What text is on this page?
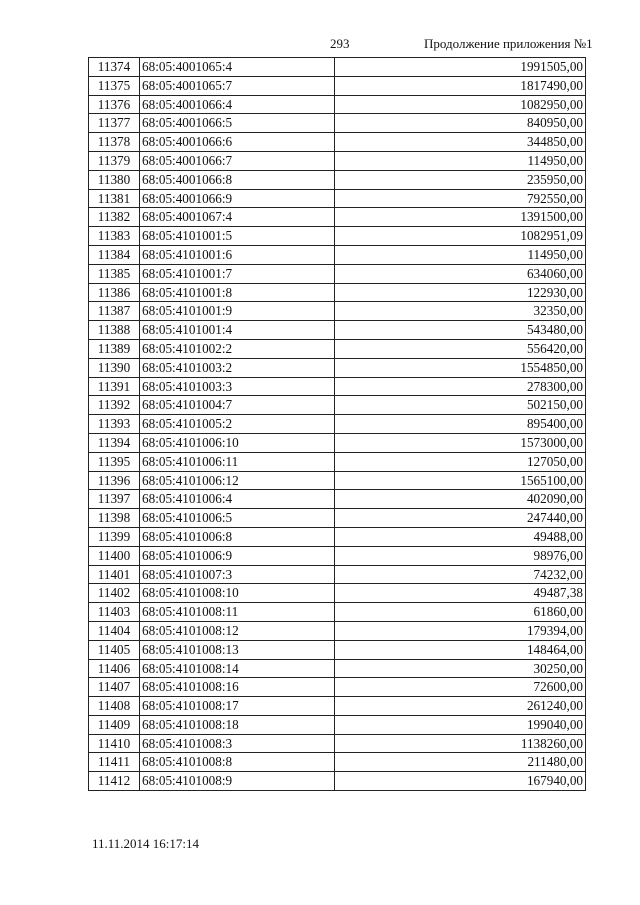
293	Продолжение приложения №1
11374	68:05:4001065:4	1991505,00
11375	68:05:4001065:7	1817490,00
11376	68:05:4001066:4	1082950,00
11377	68:05:4001066:5	840950,00
11378	68:05:4001066:6	344850,00
11379	68:05:4001066:7	114950,00
11380	68:05:4001066:8	235950,00
11381	68:05:4001066:9	792550,00
11382	68:05:4001067:4	1391500,00
11383	68:05:4101001:5	1082951,09
11384	68:05:4101001:6	114950,00
11385	68:05:4101001:7	634060,00
11386	68:05:4101001:8	122930,00
11387	68:05:4101001:9	32350,00
11388	68:05:4101001:4	543480,00
11389	68:05:4101002:2	556420,00
11390	68:05:4101003:2	1554850,00
11391	68:05:4101003:3	278300,00
11392	68:05:4101004:7	502150,00
11393	68:05:4101005:2	895400,00
11394	68:05:4101006:10	1573000,00
11395	68:05:4101006:11	127050,00
11396	68:05:4101006:12	1565100,00
11397	68:05:4101006:4	402090,00
11398	68:05:4101006:5	247440,00
11399	68:05:4101006:8	49488,00
11400	68:05:4101006:9	98976,00
11401	68:05:4101007:3	74232,00
11402	68:05:4101008:10	49487,38
11403	68:05:4101008:11	61860,00
11404	68:05:4101008:12	179394,00
11405	68:05:4101008:13	148464,00
11406	68:05:4101008:14	30250,00
11407	68:05:4101008:16	72600,00
11408	68:05:4101008:17	261240,00
11409	68:05:4101008:18	199040,00
11410	68:05:4101008:3	1138260,00
11411	68:05:4101008:8	211480,00
11412	68:05:4101008:9	167940,00
11.11.2014 16:17:14
